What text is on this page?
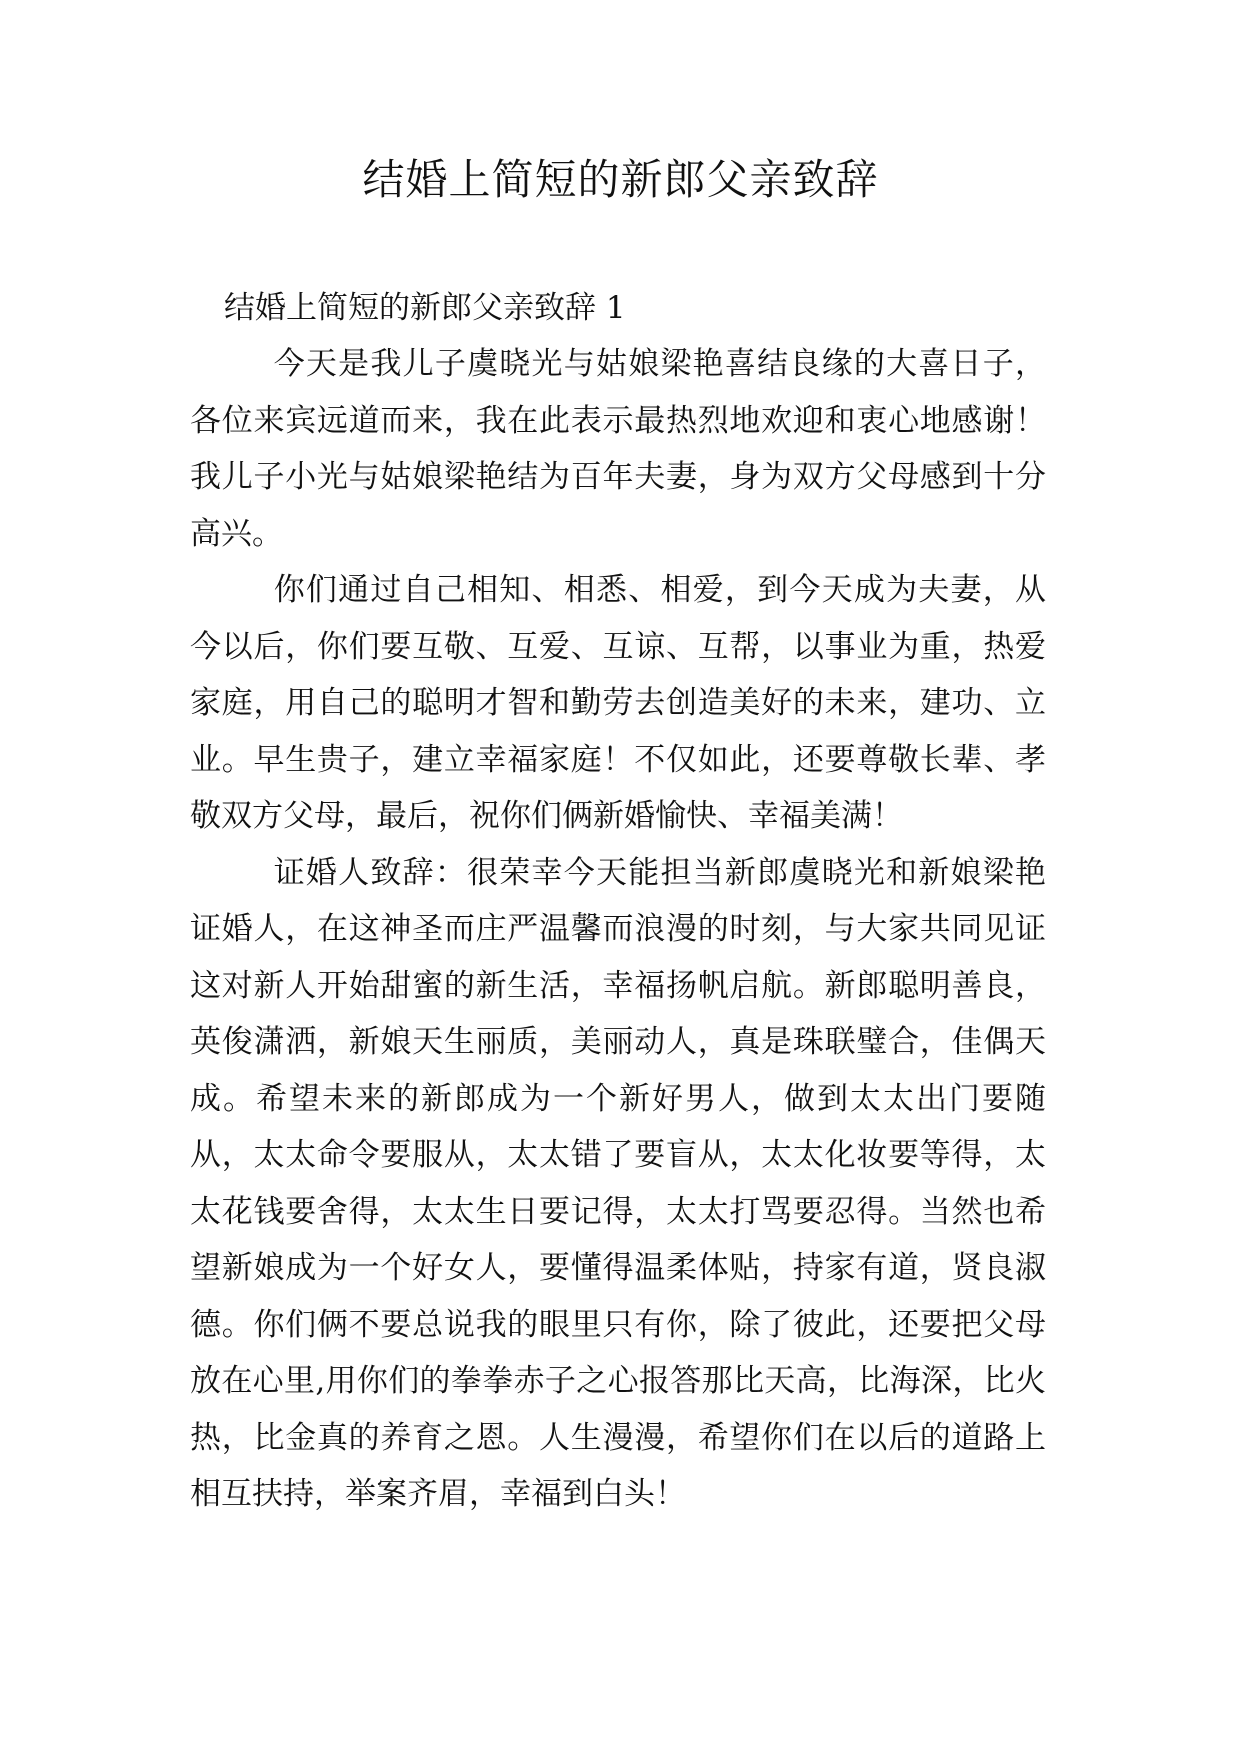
结婚上简短的新郎父亲致辞
结婚上简短的新郎父亲致辞 1

今天是我儿子虞晓光与姑娘梁艳喜结良缘的大喜日子，各位来宾远道而来，我在此表示最热烈地欢迎和衷心地感谢！我儿子小光与姑娘梁艳结为百年夫妻，身为双方父母感到十分高兴。

你们通过自己相知、相悉、相爱，到今天成为夫妻，从今以后，你们要互敬、互爱、互谅、互帮，以事业为重，热爱家庭，用自己的聪明才智和勤劳去创造美好的未来，建功、立业。早生贵子，建立幸福家庭！不仅如此，还要尊敬长辈、孝敬双方父母，最后，祝你们俩新婚愉快、幸福美满！

证婚人致辞：很荣幸今天能担当新郎虞晓光和新娘梁艳证婚人，在这神圣而庄严温馨而浪漫的时刻，与大家共同见证这对新人开始甜蜜的新生活，幸福扬帆启航。新郎聪明善良，英俊潇洒，新娘天生丽质，美丽动人，真是珠联璧合，佳偶天成。希望未来的新郎成为一个新好男人，做到太太出门要随从，太太命令要服从，太太错了要盲从，太太化妆要等得，太太花钱要舍得，太太生日要记得，太太打骂要忍得。当然也希望新娘成为一个好女人，要懂得温柔体贴，持家有道，贤良淑德。你们俩不要总说我的眼里只有你，除了彼此，还要把父母放在心里,用你们的拳拳赤子之心报答那比天高，比海深，比火热，比金真的养育之恩。人生漫漫，希望你们在以后的道路上相互扶持，举案齐眉，幸福到白头！
